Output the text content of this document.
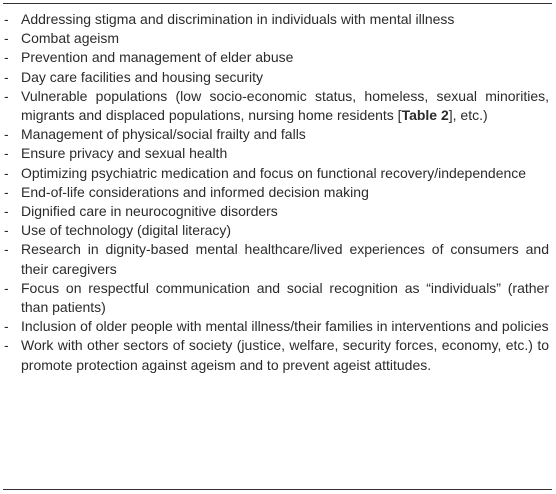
- Addressing stigma and discrimination in individuals with mental illness
- Combat ageism
- Prevention and management of elder abuse
- Day care facilities and housing security
- Vulnerable populations (low socio-economic status, homeless, sexual minorities, migrants and displaced populations, nursing home residents [Table 2], etc.)
- Management of physical/social frailty and falls
- Ensure privacy and sexual health
- Optimizing psychiatric medication and focus on functional recovery/independence
- End-of-life considerations and informed decision making
- Dignified care in neurocognitive disorders
- Use of technology (digital literacy)
- Research in dignity-based mental healthcare/lived experiences of consumers and their caregivers
- Focus on respectful communication and social recognition as “individuals” (rather than patients)
- Inclusion of older people with mental illness/their families in interventions and policies
- Work with other sectors of society (justice, welfare, security forces, economy, etc.) to promote protection against ageism and to prevent ageist attitudes.
